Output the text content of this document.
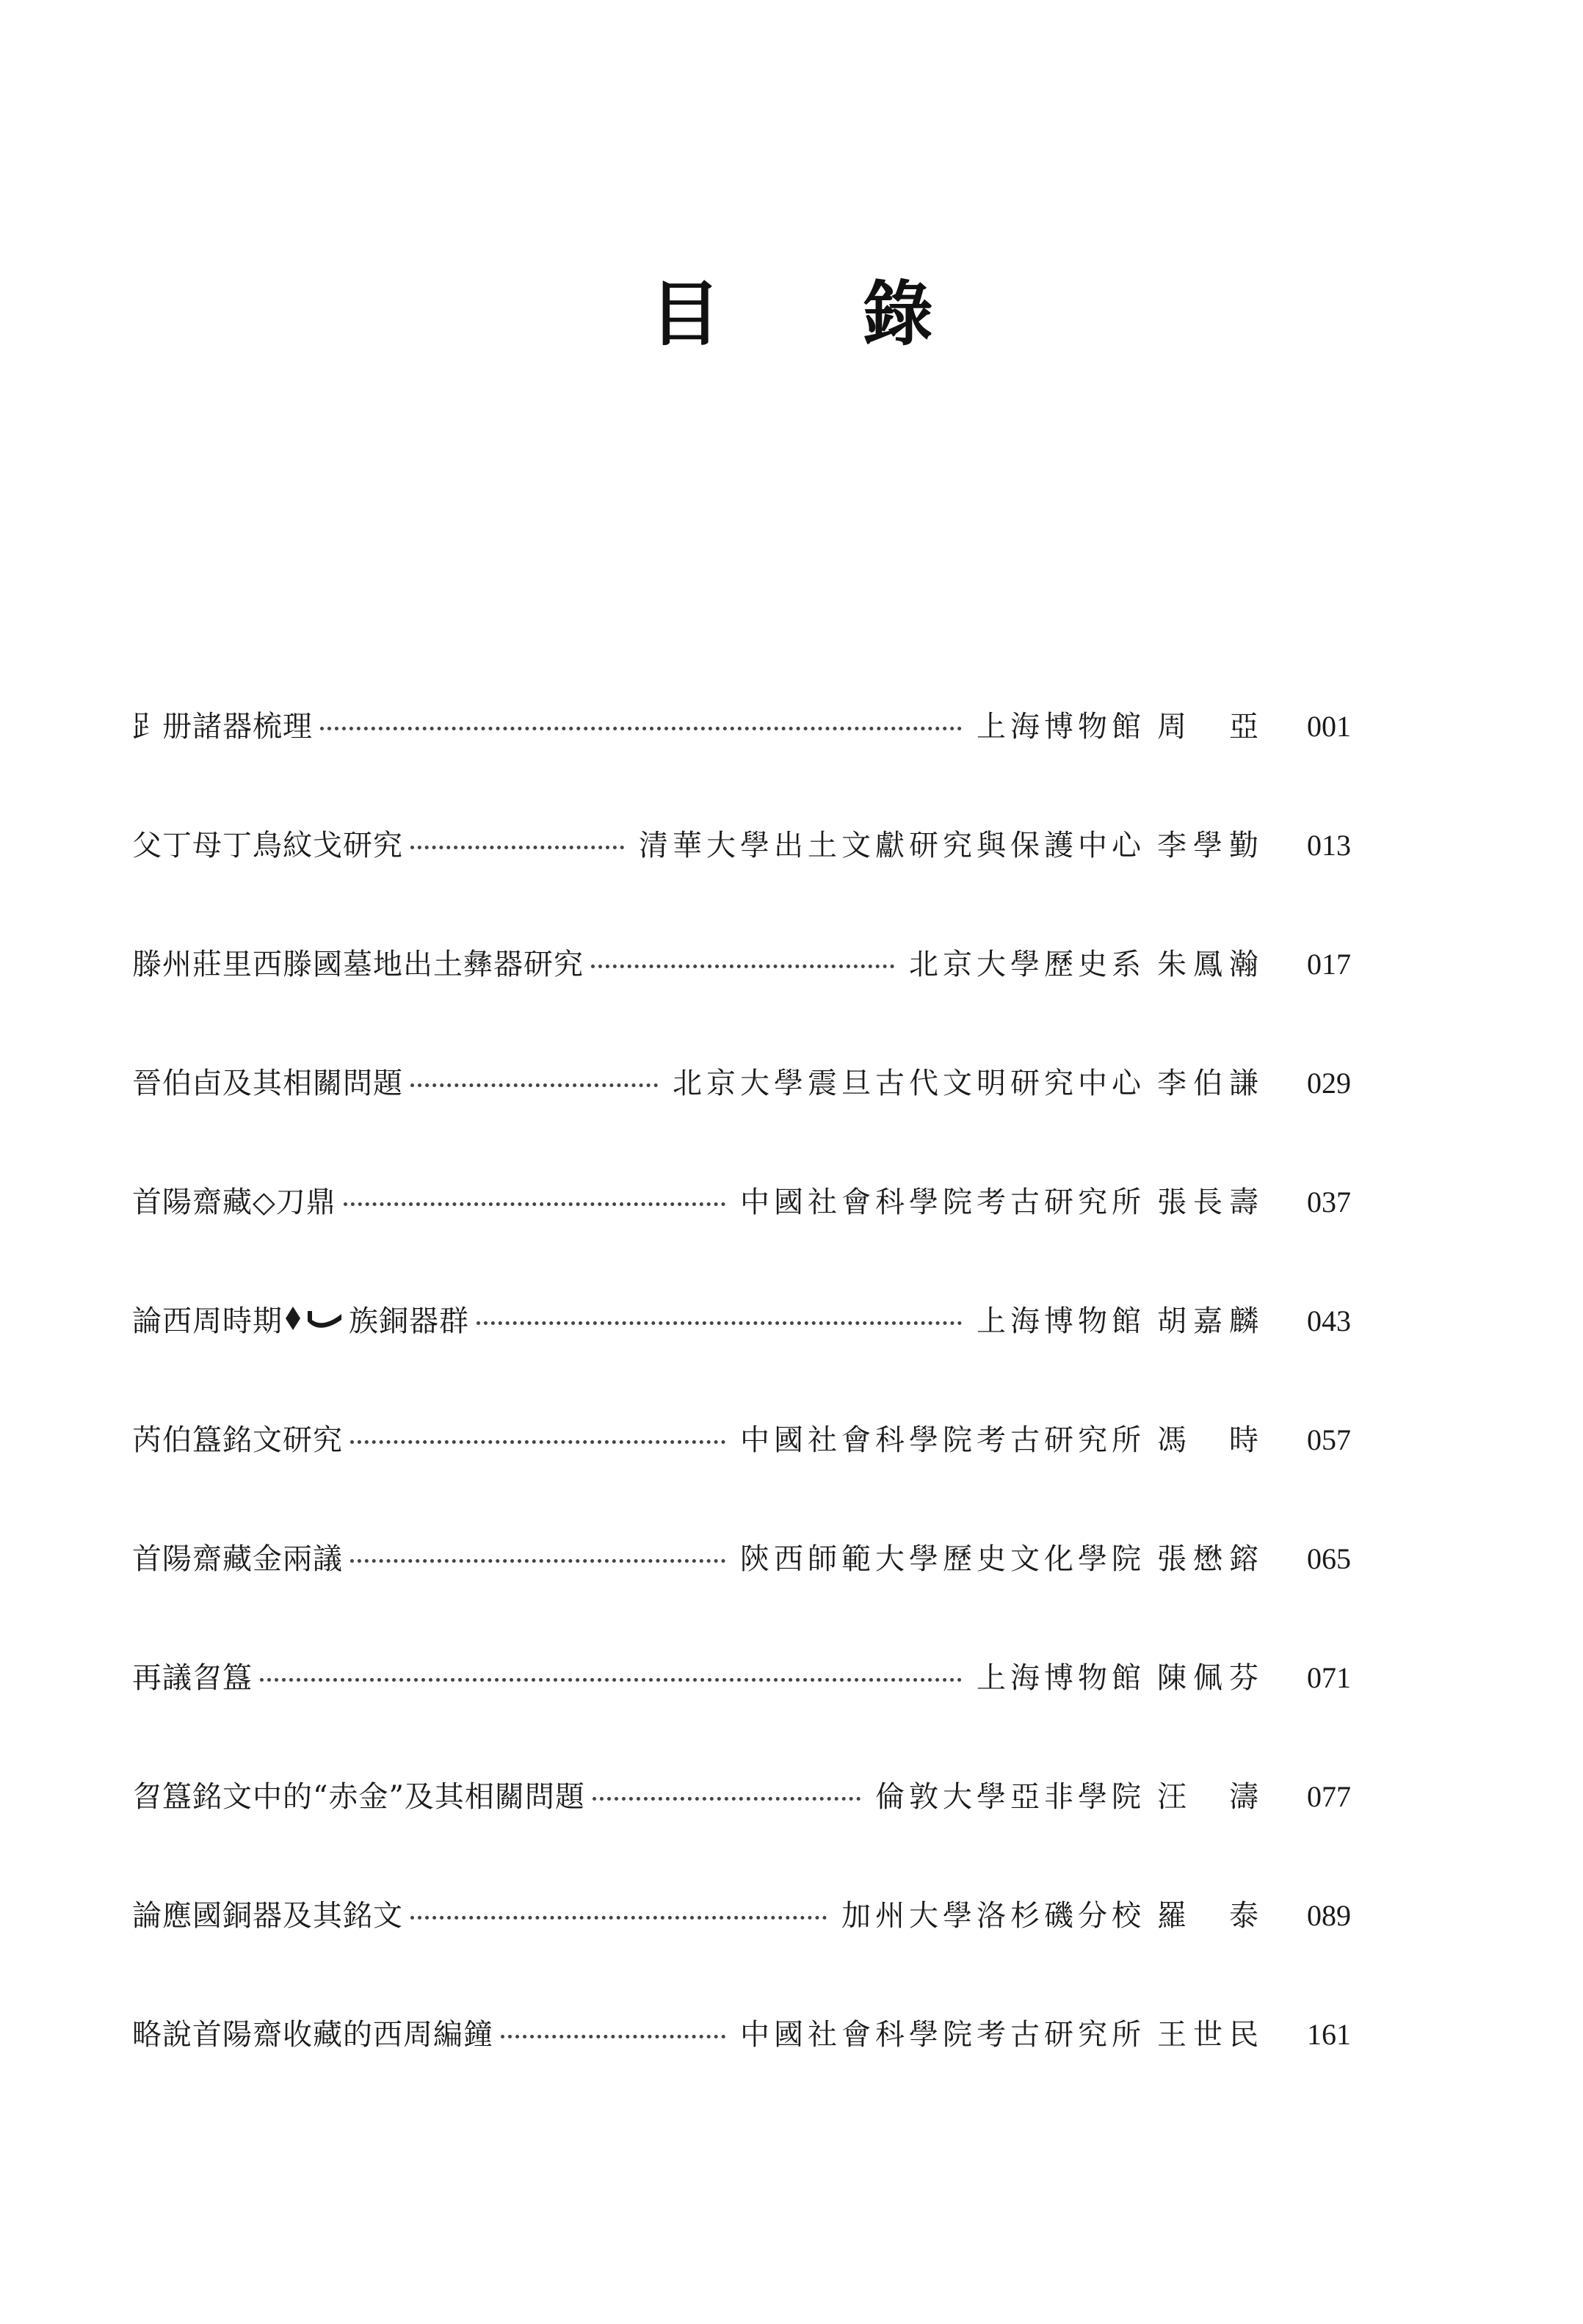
目 錄
𧾷册諸器梳理	上海博物館 周 亞	001
父丁母丁鳥紋戈研究	清華大學出土文獻研究與保護中心 李學勤	013
滕州莊里西滕國墓地出土彝器研究	北京大學歷史系 朱鳳瀚	017
晉伯卣及其相關問題	北京大學震旦古代文明研究中心 李伯謙	029
首陽齋藏◇刀鼎	中國社會科學院考古研究所 張長壽	037
論西周時期 族銅器群	上海博物館 胡嘉麟	043
芮伯簋銘文研究	中國社會科學院考古研究所 馮 時	057
首陽齋藏金兩議	陝西師範大學歷史文化學院 張懋鎔	065
再議曶簋	上海博物館 陳佩芬	071
曶簋銘文中的“赤金”及其相關問題	倫敦大學亞非學院 汪 濤	077
論應國銅器及其銘文	加州大學洛杉磯分校 羅 泰	089
略說首陽齋收藏的西周編鐘	中國社會科學院考古研究所 王世民	161
